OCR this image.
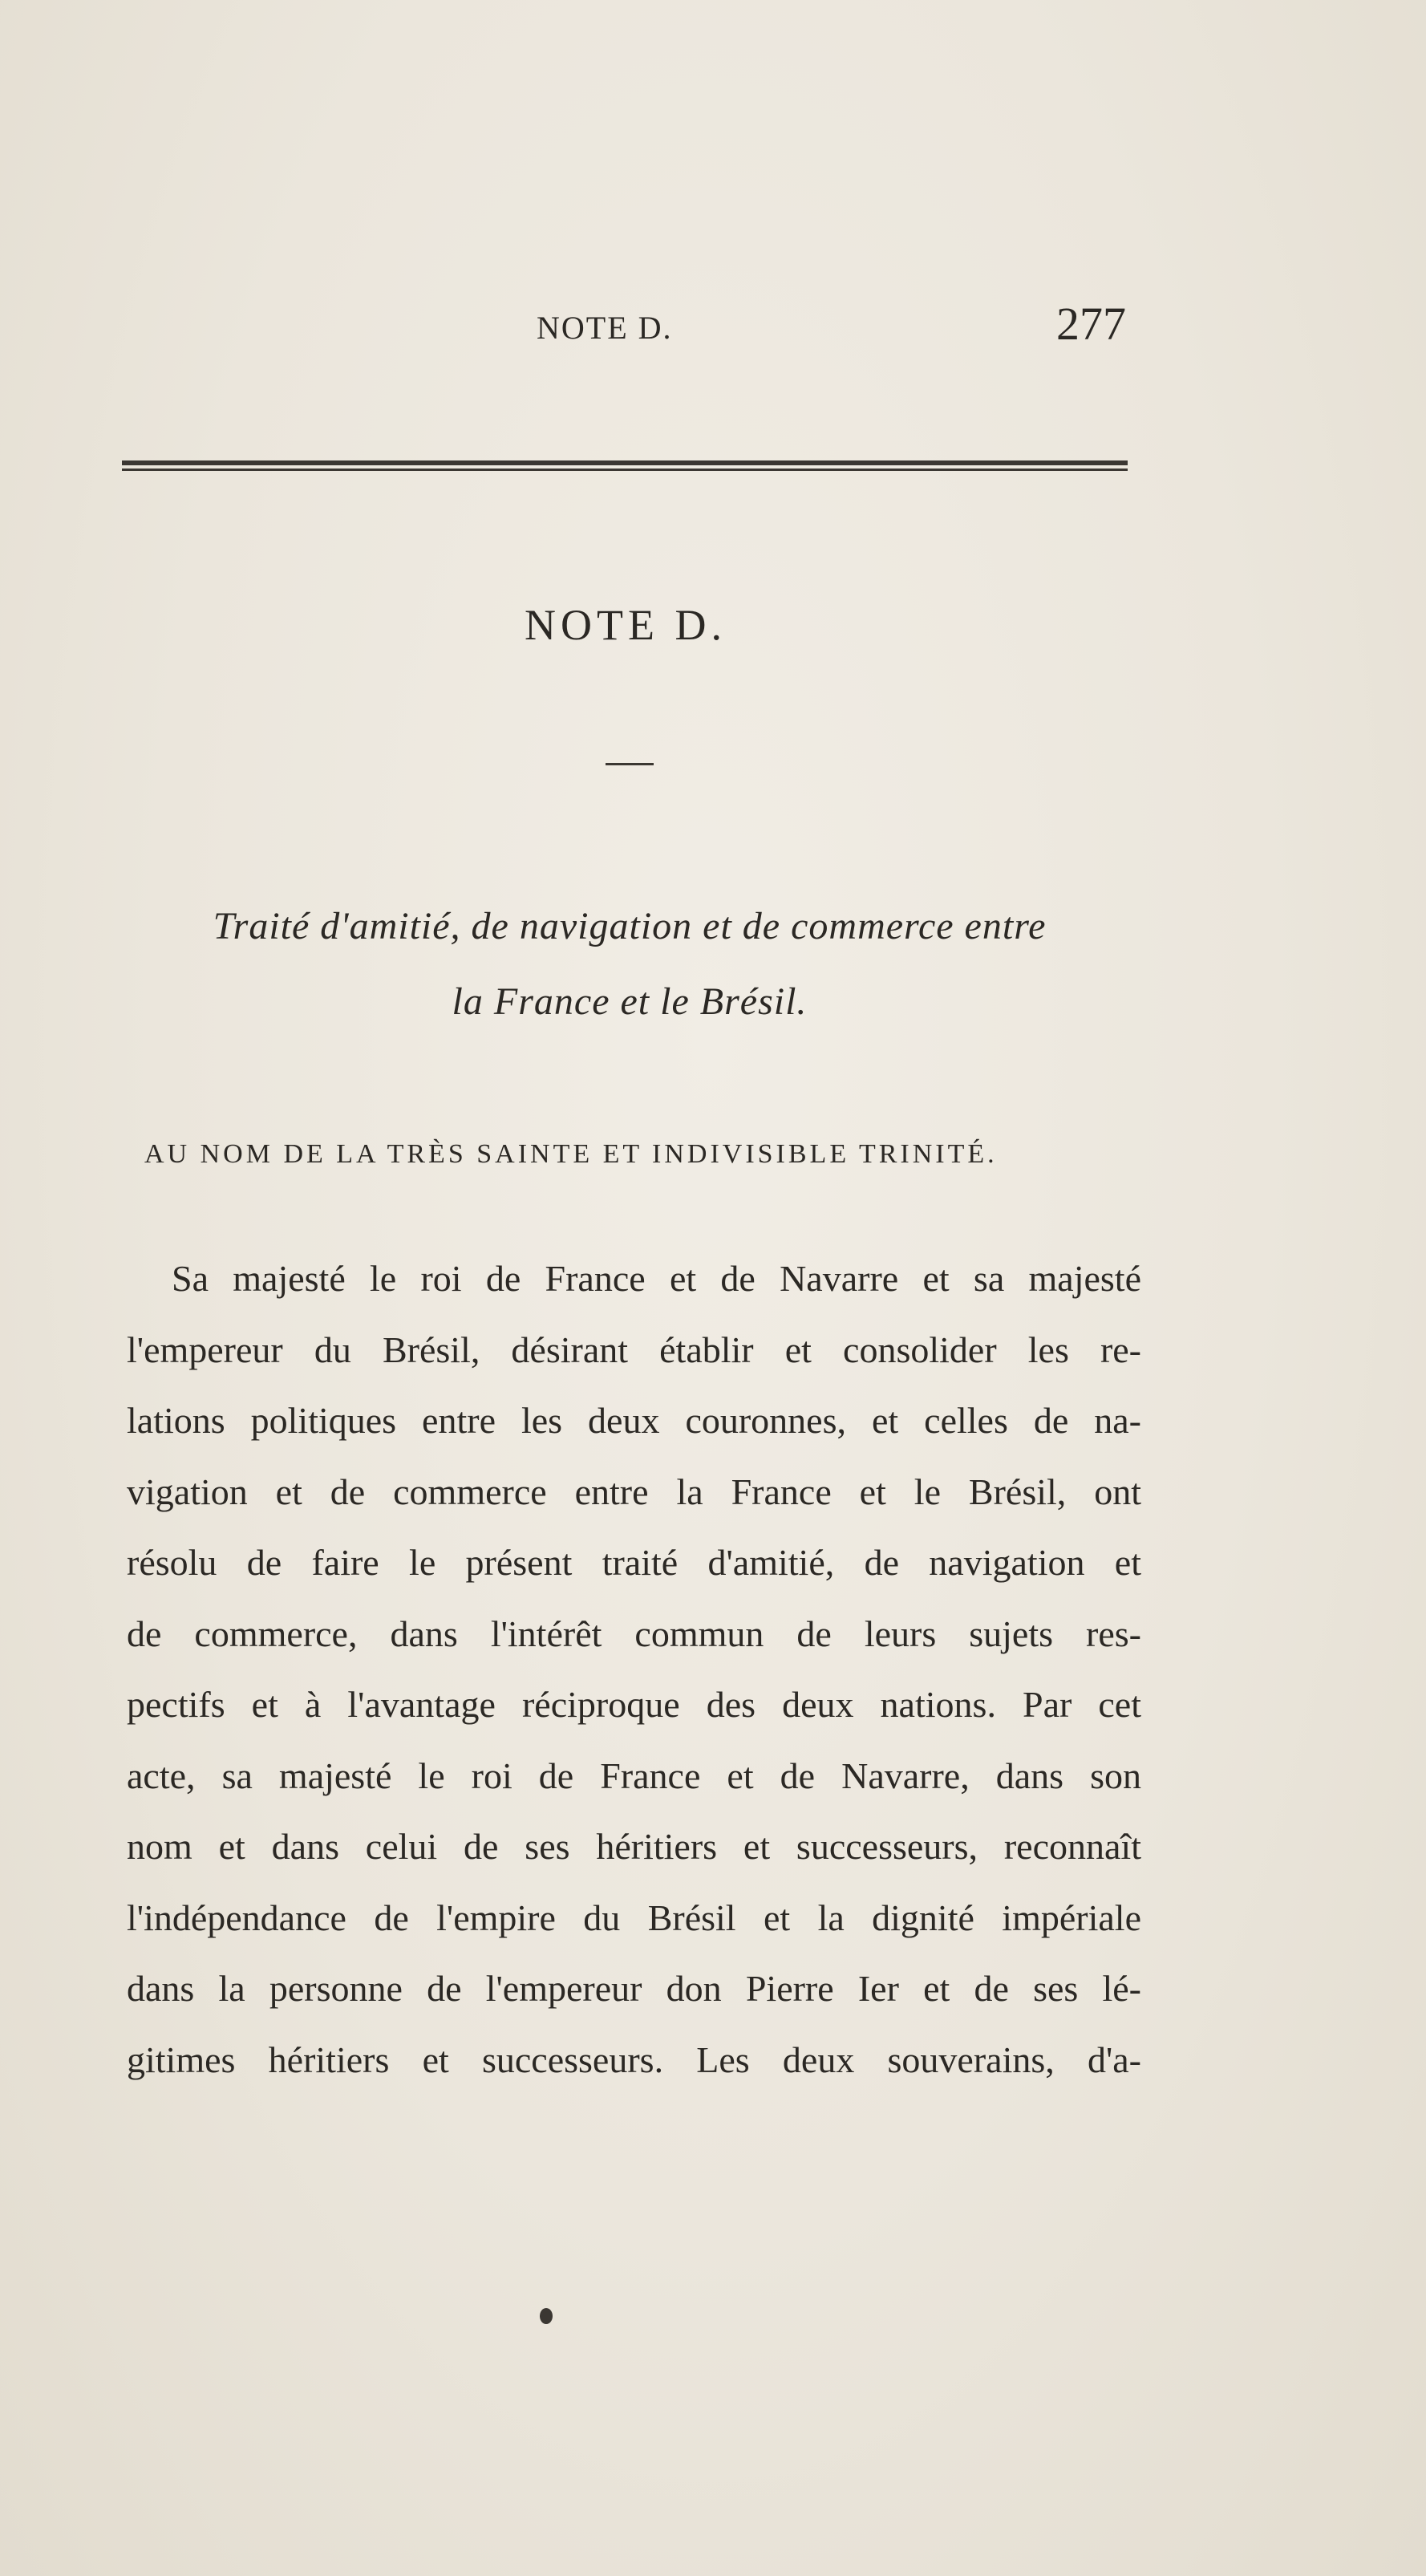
NOTE D.	277
NOTE D.
Traité d'amitié, de navigation et de commerce entre
la France et le Brésil.
AU NOM DE LA TRÈS SAINTE ET INDIVISIBLE TRINITÉ.
Sa majesté le roi de France et de Navarre et sa majesté
l'empereur du Brésil, désirant établir et consolider les re-
lations politiques entre les deux couronnes, et celles de na-
vigation et de commerce entre la France et le Brésil, ont
résolu de faire le présent traité d'amitié, de navigation et
de commerce, dans l'intérêt commun de leurs sujets res-
pectifs et à l'avantage réciproque des deux nations. Par cet
acte, sa majesté le roi de France et de Navarre, dans son
nom et dans celui de ses héritiers et successeurs, reconnaît
l'indépendance de l'empire du Brésil et la dignité impériale
dans la personne de l'empereur don Pierre Ier et de ses lé-
gitimes héritiers et successeurs. Les deux souverains, d'a-
